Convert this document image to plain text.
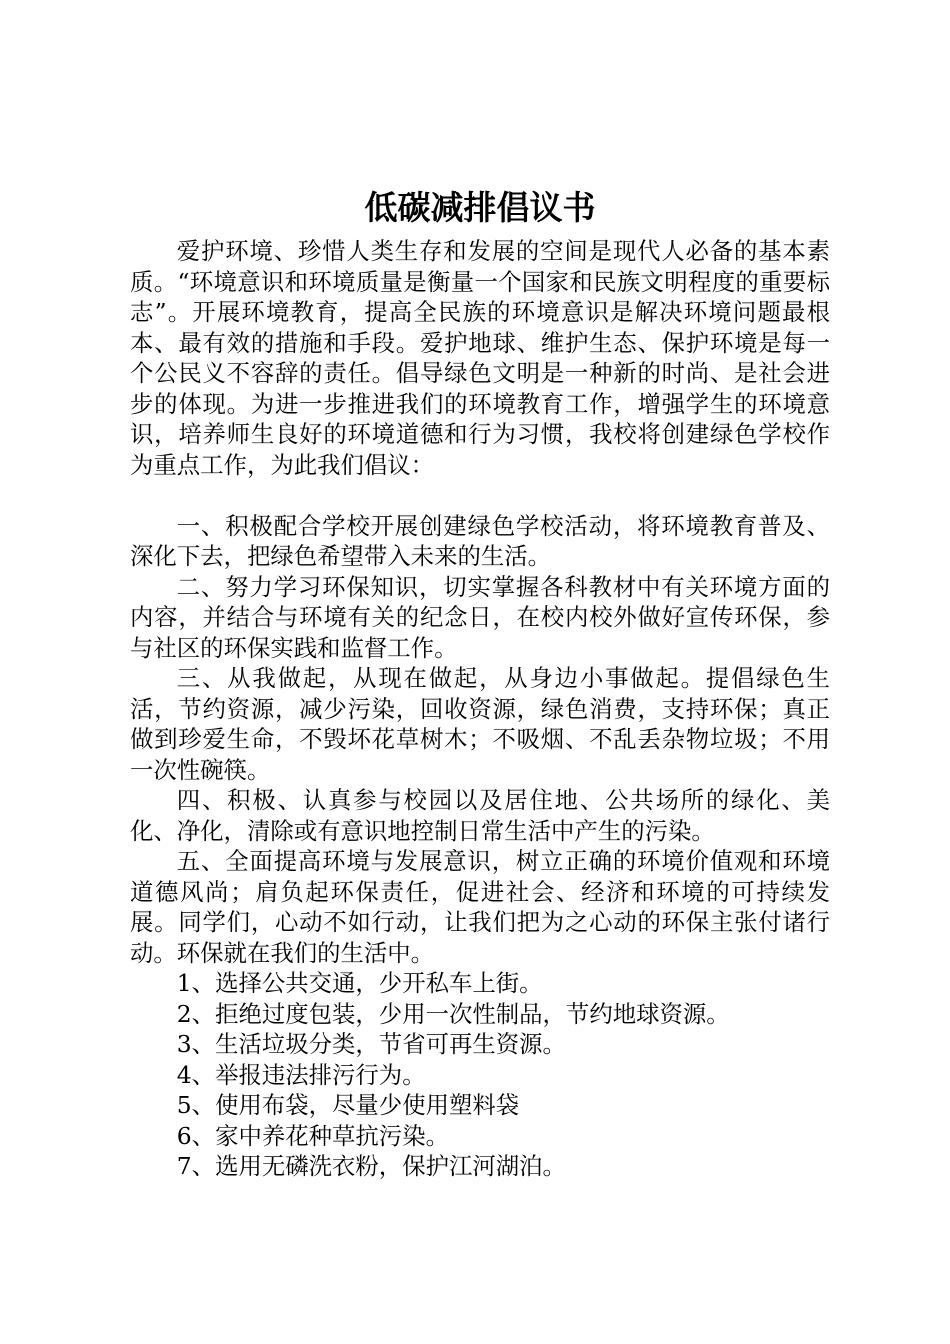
低碳减排倡议书

爱护环境、珍惜人类生存和发展的空间是现代人必备的基本素质。“环境意识和环境质量是衡量一个国家和民族文明程度的重要标志”。开展环境教育，提高全民族的环境意识是解决环境问题最根本、最有效的措施和手段。爱护地球、维护生态、保护环境是每一个公民义不容辞的责任。倡导绿色文明是一种新的时尚、是社会进步的体现。为进一步推进我们的环境教育工作，增强学生的环境意识，培养师生良好的环境道德和行为习惯，我校将创建绿色学校作为重点工作，为此我们倡议：

一、积极配合学校开展创建绿色学校活动，将环境教育普及、深化下去，把绿色希望带入未来的生活。

二、努力学习环保知识，切实掌握各科教材中有关环境方面的内容，并结合与环境有关的纪念日，在校内校外做好宣传环保，参与社区的环保实践和监督工作。

三、从我做起，从现在做起，从身边小事做起。提倡绿色生活，节约资源，减少污染，回收资源，绿色消费，支持环保；真正做到珍爱生命，不毁坏花草树木；不吸烟、不乱丢杂物垃圾；不用一次性碗筷。

四、积极、认真参与校园以及居住地、公共场所的绿化、美化、净化，清除或有意识地控制日常生活中产生的污染。

五、全面提高环境与发展意识，树立正确的环境价值观和环境道德风尚；肩负起环保责任，促进社会、经济和环境的可持续发展。同学们，心动不如行动，让我们把为之心动的环保主张付诸行动。环保就在我们的生活中。

1、选择公共交通，少开私车上街。
2、拒绝过度包装，少用一次性制品，节约地球资源。
3、生活垃圾分类，节省可再生资源。
4、举报违法排污行为。
5、使用布袋，尽量少使用塑料袋
6、家中养花种草抗污染。
7、选用无磷洗衣粉，保护江河湖泊。
